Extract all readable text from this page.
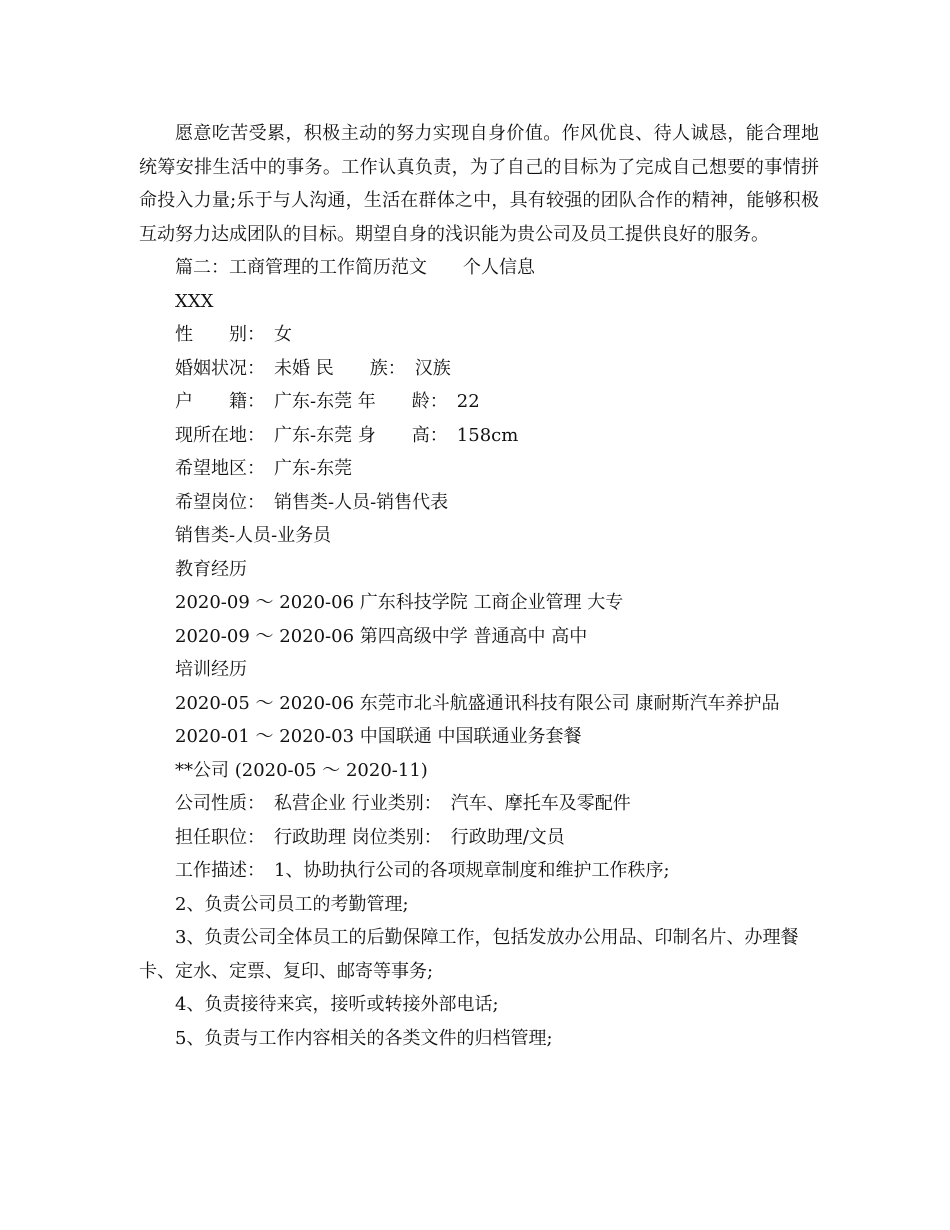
愿意吃苦受累，积极主动的努力实现自身价值。作风优良、待人诚恳，能合理地统筹安排生活中的事务。工作认真负责，为了自己的目标为了完成自己想要的事情拼命投入力量;乐于与人沟通，生活在群体之中，具有较强的团队合作的精神，能够积极互动努力达成团队的目标。期望自身的浅识能为贵公司及员工提供良好的服务。

篇二：工商管理的工作简历范文　　个人信息

XXX

性　　别：　女

婚姻状况：　未婚 民　　族：　汉族

户　　籍：　广东-东莞 年　　龄：　22

现所在地：　广东-东莞 身　　高：　158cm

希望地区：　广东-东莞

希望岗位：　销售类-人员-销售代表

销售类-人员-业务员

教育经历

2020-09 ～ 2020-06 广东科技学院 工商企业管理 大专

2020-09 ～ 2020-06 第四高级中学 普通高中 高中

培训经历

2020-05 ～ 2020-06 东莞市北斗航盛通讯科技有限公司 康耐斯汽车养护品

2020-01 ～ 2020-03 中国联通 中国联通业务套餐

**公司 (2020-05 ～ 2020-11)

公司性质：　私营企业 行业类别：　汽车、摩托车及零配件

担任职位：　行政助理 岗位类别：　行政助理/文员

工作描述：　1、协助执行公司的各项规章制度和维护工作秩序;

2、负责公司员工的考勤管理;

3、负责公司全体员工的后勤保障工作，包括发放办公用品、印制名片、办理餐卡、定水、定票、复印、邮寄等事务;

4、负责接待来宾，接听或转接外部电话;

5、负责与工作内容相关的各类文件的归档管理;
